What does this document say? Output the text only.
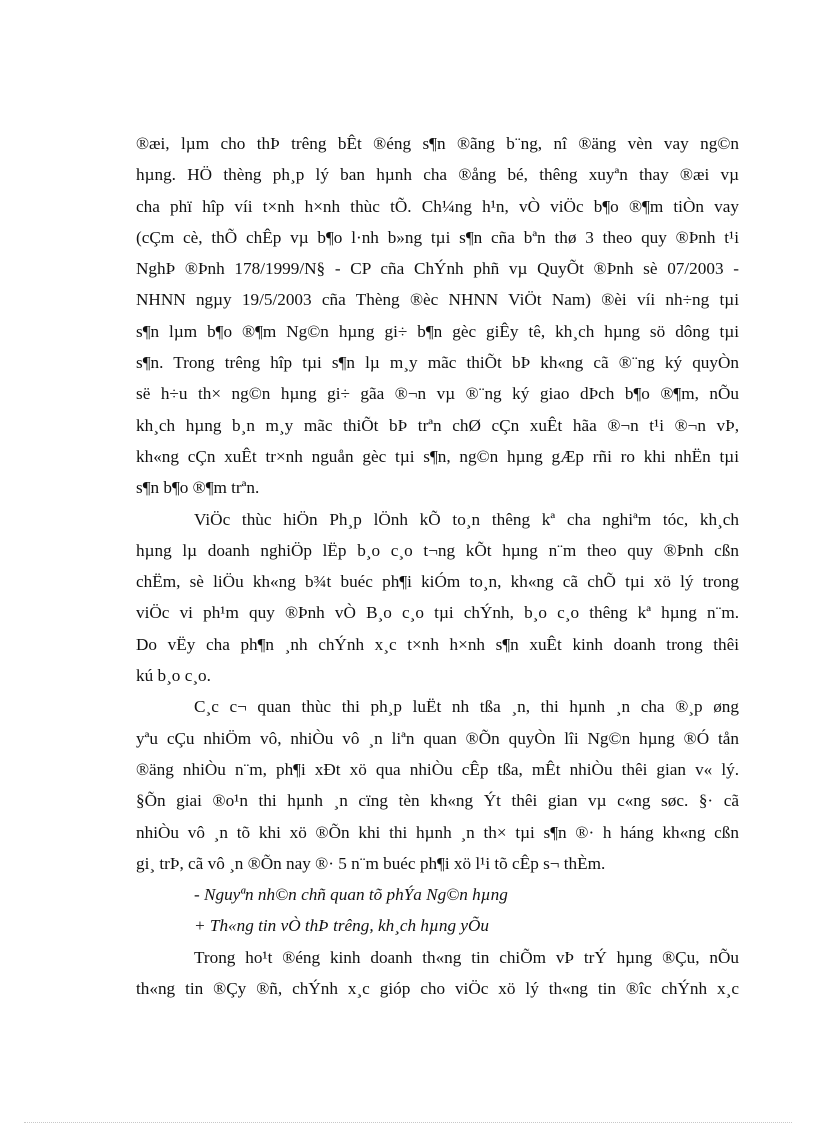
®æi, lµm cho thÞ trêng bÊt ®éng s¶n ®ãng b¨ng, nî ®äng vèn vay ng©n
hµng. HÖ thèng ph¸p lý ban hµnh cha ®ång bé, thêng xuyªn thay ®æi vµ
cha phï hîp víi t×nh h×nh thùc tÕ. Ch¼ng h¹n, vÒ viÖc b¶o ®¶m tiÒn vay
(cÇm cè, thÕ chÊp vµ b¶o l·nh b»ng tµi s¶n cña bªn thø 3 theo quy ®Þnh t¹i
NghÞ ®Þnh 178/1999/N§ - CP cña ChÝnh phñ vµ QuyÕt ®Þnh sè 07/2003 -
NHNN ngµy 19/5/2003 cña Thèng ®èc NHNN ViÖt Nam) ®èi víi nh÷ng tµi
s¶n lµm b¶o ®¶m Ng©n hµng gi÷ b¶n gèc giÊy tê, kh¸ch hµng sö dông tµi
s¶n. Trong trêng hîp tµi s¶n lµ m¸y mãc thiÕt bÞ kh«ng cã ®¨ng ký quyÒn
së h÷u th× ng©n hµng gi÷ gãa ®¬n vµ ®¨ng ký giao dÞch b¶o ®¶m, nÕu
kh¸ch hµng b¸n m¸y mãc thiÕt bÞ trªn chØ cÇn xuÊt hãa ®¬n t¹i ®¬n vÞ,
kh«ng cÇn xuÊt tr×nh nguån gèc tµi s¶n, ng©n hµng gÆp rñi ro khi nhËn tµi
s¶n b¶o ®¶m trªn.
ViÖc thùc hiÖn Ph¸p lÖnh kÕ to¸n thêng kª cha nghiªm tóc, kh¸ch
hµng lµ doanh nghiÖp lËp b¸o c¸o t¬ng kÕt hµng n¨m theo quy ®Þnh cßn
chËm, sè liÖu kh«ng b¾t buéc ph¶i kiÓm to¸n, kh«ng cã chÕ tµi xö lý trong
viÖc vi ph¹m quy ®Þnh vÒ B¸o c¸o tµi chÝnh, b¸o c¸o thêng kª hµng n¨m.
Do vËy cha ph¶n ¸nh chÝnh x¸c t×nh h×nh s¶n xuÊt kinh doanh trong thêi
kú b¸o c¸o.
C¸c c¬ quan thùc thi ph¸p luËt nh tßa ¸n, thi hµnh ¸n cha ®¸p øng
yªu cÇu nhiÖm vô, nhiÒu vô ¸n liªn quan ®Õn quyÒn lîi Ng©n hµng ®Ó tån
®äng nhiÒu n¨m, ph¶i xÐt xö qua nhiÒu cÊp tßa, mÊt nhiÒu thêi gian v« lý.
§Õn giai ®o¹n thi hµnh ¸n cïng tèn kh«ng Ýt thêi gian vµ c«ng søc. §· cã
nhiÒu vô ¸n tõ khi xö ®Õn khi thi hµnh ¸n th× tµi s¶n ®· h háng kh«ng cßn
gi¸ trÞ, cã vô ¸n ®Õn nay ®· 5 n¨m buéc ph¶i xö l¹i tõ cÊp s¬ thÈm.
- Nguyªn nh©n chñ quan tõ phÝa Ng©n hµng
+ Th«ng tin vÒ thÞ trêng, kh¸ch hµng yÕu
Trong ho¹t ®éng kinh doanh th«ng tin chiÕm vÞ trÝ hµng ®Çu, nÕu
th«ng tin ®Çy ®ñ, chÝnh x¸c gióp cho viÖc xö lý th«ng tin ®îc chÝnh x¸c
